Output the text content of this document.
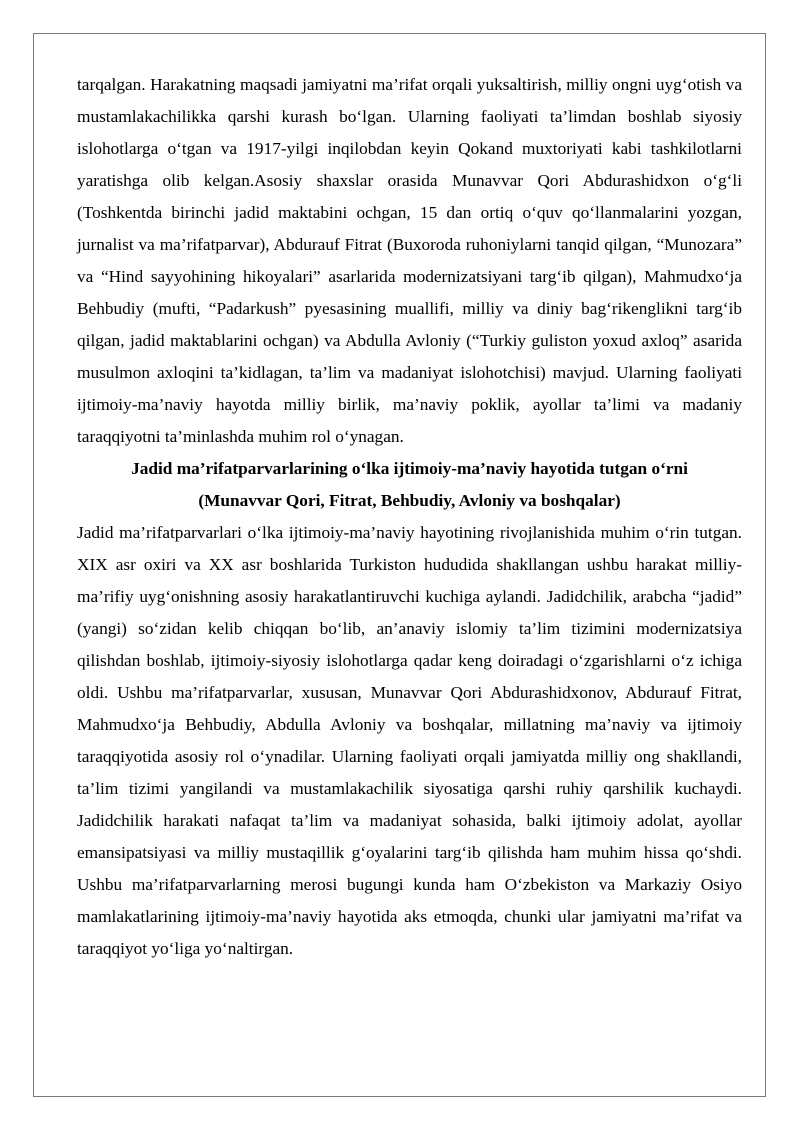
tarqalgan. Harakatning maqsadi jamiyatni ma’rifat orqali yuksaltirish, milliy ongni uyg‘otish va mustamlakachilikka qarshi kurash bo‘lgan. Ularning faoliyati ta’limdan boshlab siyosiy islohotlarga o‘tgan va 1917-yilgi inqilobdan keyin Qokand muxtoriyati kabi tashkilotlarni yaratishga olib kelgan.Asosiy shaxslar orasida Munavvar Qori Abdurashidxon o‘g‘li (Toshkentda birinchi jadid maktabini ochgan, 15 dan ortiq o‘quv qo‘llanmalarini yozgan, jurnalist va ma’rifatparvar), Abdurauf Fitrat (Buxoroda ruhoniylarni tanqid qilgan, “Munozara” va “Hind sayyohining hikoyalari” asarlarida modernizatsiyani targ‘ib qilgan), Mahmudxo‘ja Behbudiy (mufti, “Padarkush” pyesasining muallifi, milliy va diniy bag‘rikenglikni targ‘ib qilgan, jadid maktablarini ochgan) va Abdulla Avloniy (“Turkiy guliston yoxud axloq” asarida musulmon axloqini ta’kidlagan, ta’lim va madaniyat islohotchisi) mavjud. Ularning faoliyati ijtimoiy-ma’naviy hayotda milliy birlik, ma’naviy poklik, ayollar ta’limi va madaniy taraqqiyotni ta’minlashda muhim rol o‘ynagan.

Jadid ma’rifatparvarlarining o‘lka ijtimoiy-ma’naviy hayotida tutgan o‘rni
(Munavvar Qori, Fitrat, Behbudiy, Avloniy va boshqalar)

Jadid ma’rifatparvarlari o‘lka ijtimoiy-ma’naviy hayotining rivojlanishida muhim o‘rin tutgan. XIX asr oxiri va XX asr boshlarida Turkiston hududida shakllangan ushbu harakat milliy-ma’rifiy uyg‘onishning asosiy harakatlantiruvchi kuchiga aylandi. Jadidchilik, arabcha “jadid” (yangi) so‘zidan kelib chiqqan bo‘lib, an’anaviy islomiy ta’lim tizimini modernizatsiya qilishdan boshlab, ijtimoiy-siyosiy islohotlarga qadar keng doiradagi o‘zgarishlarni o‘z ichiga oldi. Ushbu ma’rifatparvarlar, xususan, Munavvar Qori Abdurashidxonov, Abdurauf Fitrat, Mahmudxo‘ja Behbudiy, Abdulla Avloniy va boshqalar, millatning ma’naviy va ijtimoiy taraqqiyotida asosiy rol o‘ynadilar. Ularning faoliyati orqali jamiyatda milliy ong shakllandi, ta’lim tizimi yangilandi va mustamlakachilik siyosatiga qarshi ruhiy qarshilik kuchaydi. Jadidchilik harakati nafaqat ta’lim va madaniyat sohasida, balki ijtimoiy adolat, ayollar emansipatsiyasi va milliy mustaqillik g‘oyalarini targ‘ib qilishda ham muhim hissa qo‘shdi. Ushbu ma’rifatparvarlarning merosi bugungi kunda ham O‘zbekiston va Markaziy Osiyo mamlakatlarining ijtimoiy-ma’naviy hayotida aks etmoqda, chunki ular jamiyatni ma’rifat va taraqqiyot yo‘liga yo‘naltirgan.
